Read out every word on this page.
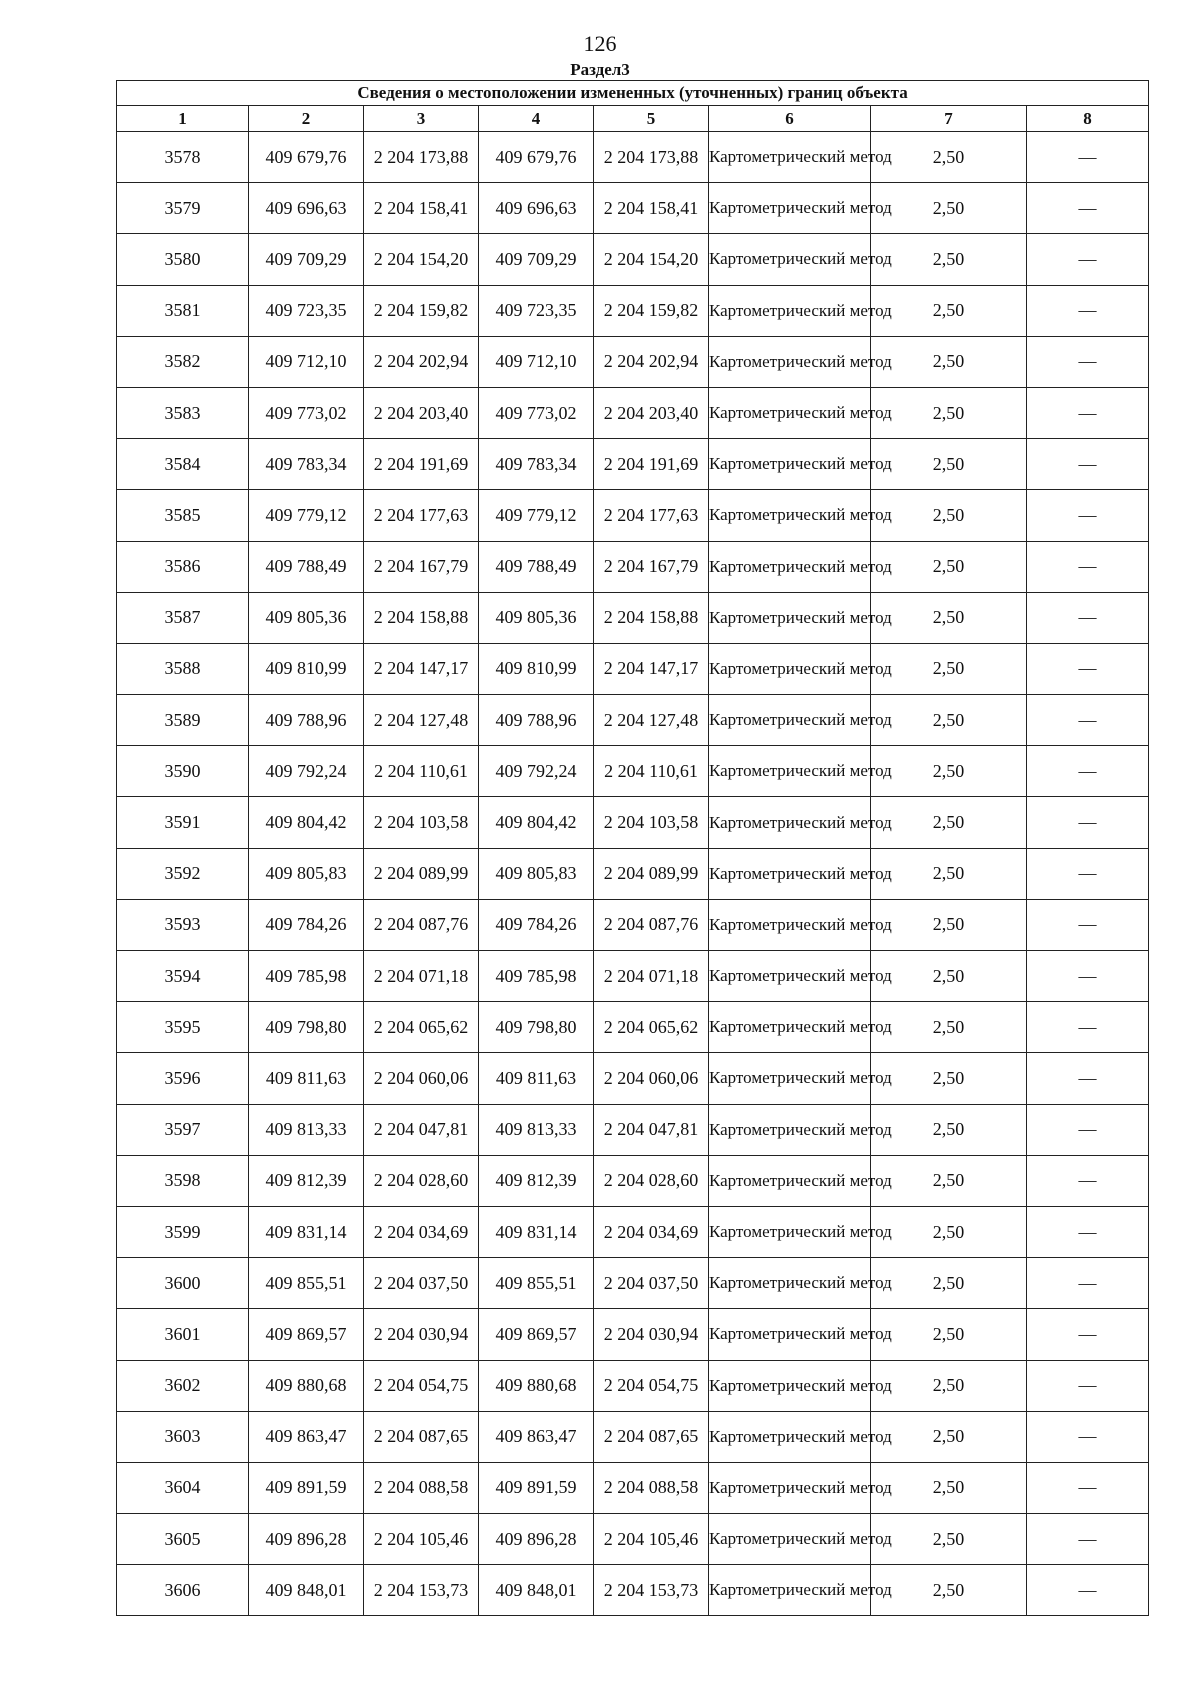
126
Раздел3
Сведения о местоположении измененных (уточненных) границ объекта							
1	2	3	4	5	6	7	8
3578	409 679,76	2 204 173,88	409 679,76	2 204 173,88	Картометрический метод	2,50	—
3579	409 696,63	2 204 158,41	409 696,63	2 204 158,41	Картометрический метод	2,50	—
3580	409 709,29	2 204 154,20	409 709,29	2 204 154,20	Картометрический метод	2,50	—
3581	409 723,35	2 204 159,82	409 723,35	2 204 159,82	Картометрический метод	2,50	—
3582	409 712,10	2 204 202,94	409 712,10	2 204 202,94	Картометрический метод	2,50	—
3583	409 773,02	2 204 203,40	409 773,02	2 204 203,40	Картометрический метод	2,50	—
3584	409 783,34	2 204 191,69	409 783,34	2 204 191,69	Картометрический метод	2,50	—
3585	409 779,12	2 204 177,63	409 779,12	2 204 177,63	Картометрический метод	2,50	—
3586	409 788,49	2 204 167,79	409 788,49	2 204 167,79	Картометрический метод	2,50	—
3587	409 805,36	2 204 158,88	409 805,36	2 204 158,88	Картометрический метод	2,50	—
3588	409 810,99	2 204 147,17	409 810,99	2 204 147,17	Картометрический метод	2,50	—
3589	409 788,96	2 204 127,48	409 788,96	2 204 127,48	Картометрический метод	2,50	—
3590	409 792,24	2 204 110,61	409 792,24	2 204 110,61	Картометрический метод	2,50	—
3591	409 804,42	2 204 103,58	409 804,42	2 204 103,58	Картометрический метод	2,50	—
3592	409 805,83	2 204 089,99	409 805,83	2 204 089,99	Картометрический метод	2,50	—
3593	409 784,26	2 204 087,76	409 784,26	2 204 087,76	Картометрический метод	2,50	—
3594	409 785,98	2 204 071,18	409 785,98	2 204 071,18	Картометрический метод	2,50	—
3595	409 798,80	2 204 065,62	409 798,80	2 204 065,62	Картометрический метод	2,50	—
3596	409 811,63	2 204 060,06	409 811,63	2 204 060,06	Картометрический метод	2,50	—
3597	409 813,33	2 204 047,81	409 813,33	2 204 047,81	Картометрический метод	2,50	—
3598	409 812,39	2 204 028,60	409 812,39	2 204 028,60	Картометрический метод	2,50	—
3599	409 831,14	2 204 034,69	409 831,14	2 204 034,69	Картометрический метод	2,50	—
3600	409 855,51	2 204 037,50	409 855,51	2 204 037,50	Картометрический метод	2,50	—
3601	409 869,57	2 204 030,94	409 869,57	2 204 030,94	Картометрический метод	2,50	—
3602	409 880,68	2 204 054,75	409 880,68	2 204 054,75	Картометрический метод	2,50	—
3603	409 863,47	2 204 087,65	409 863,47	2 204 087,65	Картометрический метод	2,50	—
3604	409 891,59	2 204 088,58	409 891,59	2 204 088,58	Картометрический метод	2,50	—
3605	409 896,28	2 204 105,46	409 896,28	2 204 105,46	Картометрический метод	2,50	—
3606	409 848,01	2 204 153,73	409 848,01	2 204 153,73	Картометрический метод	2,50	—
